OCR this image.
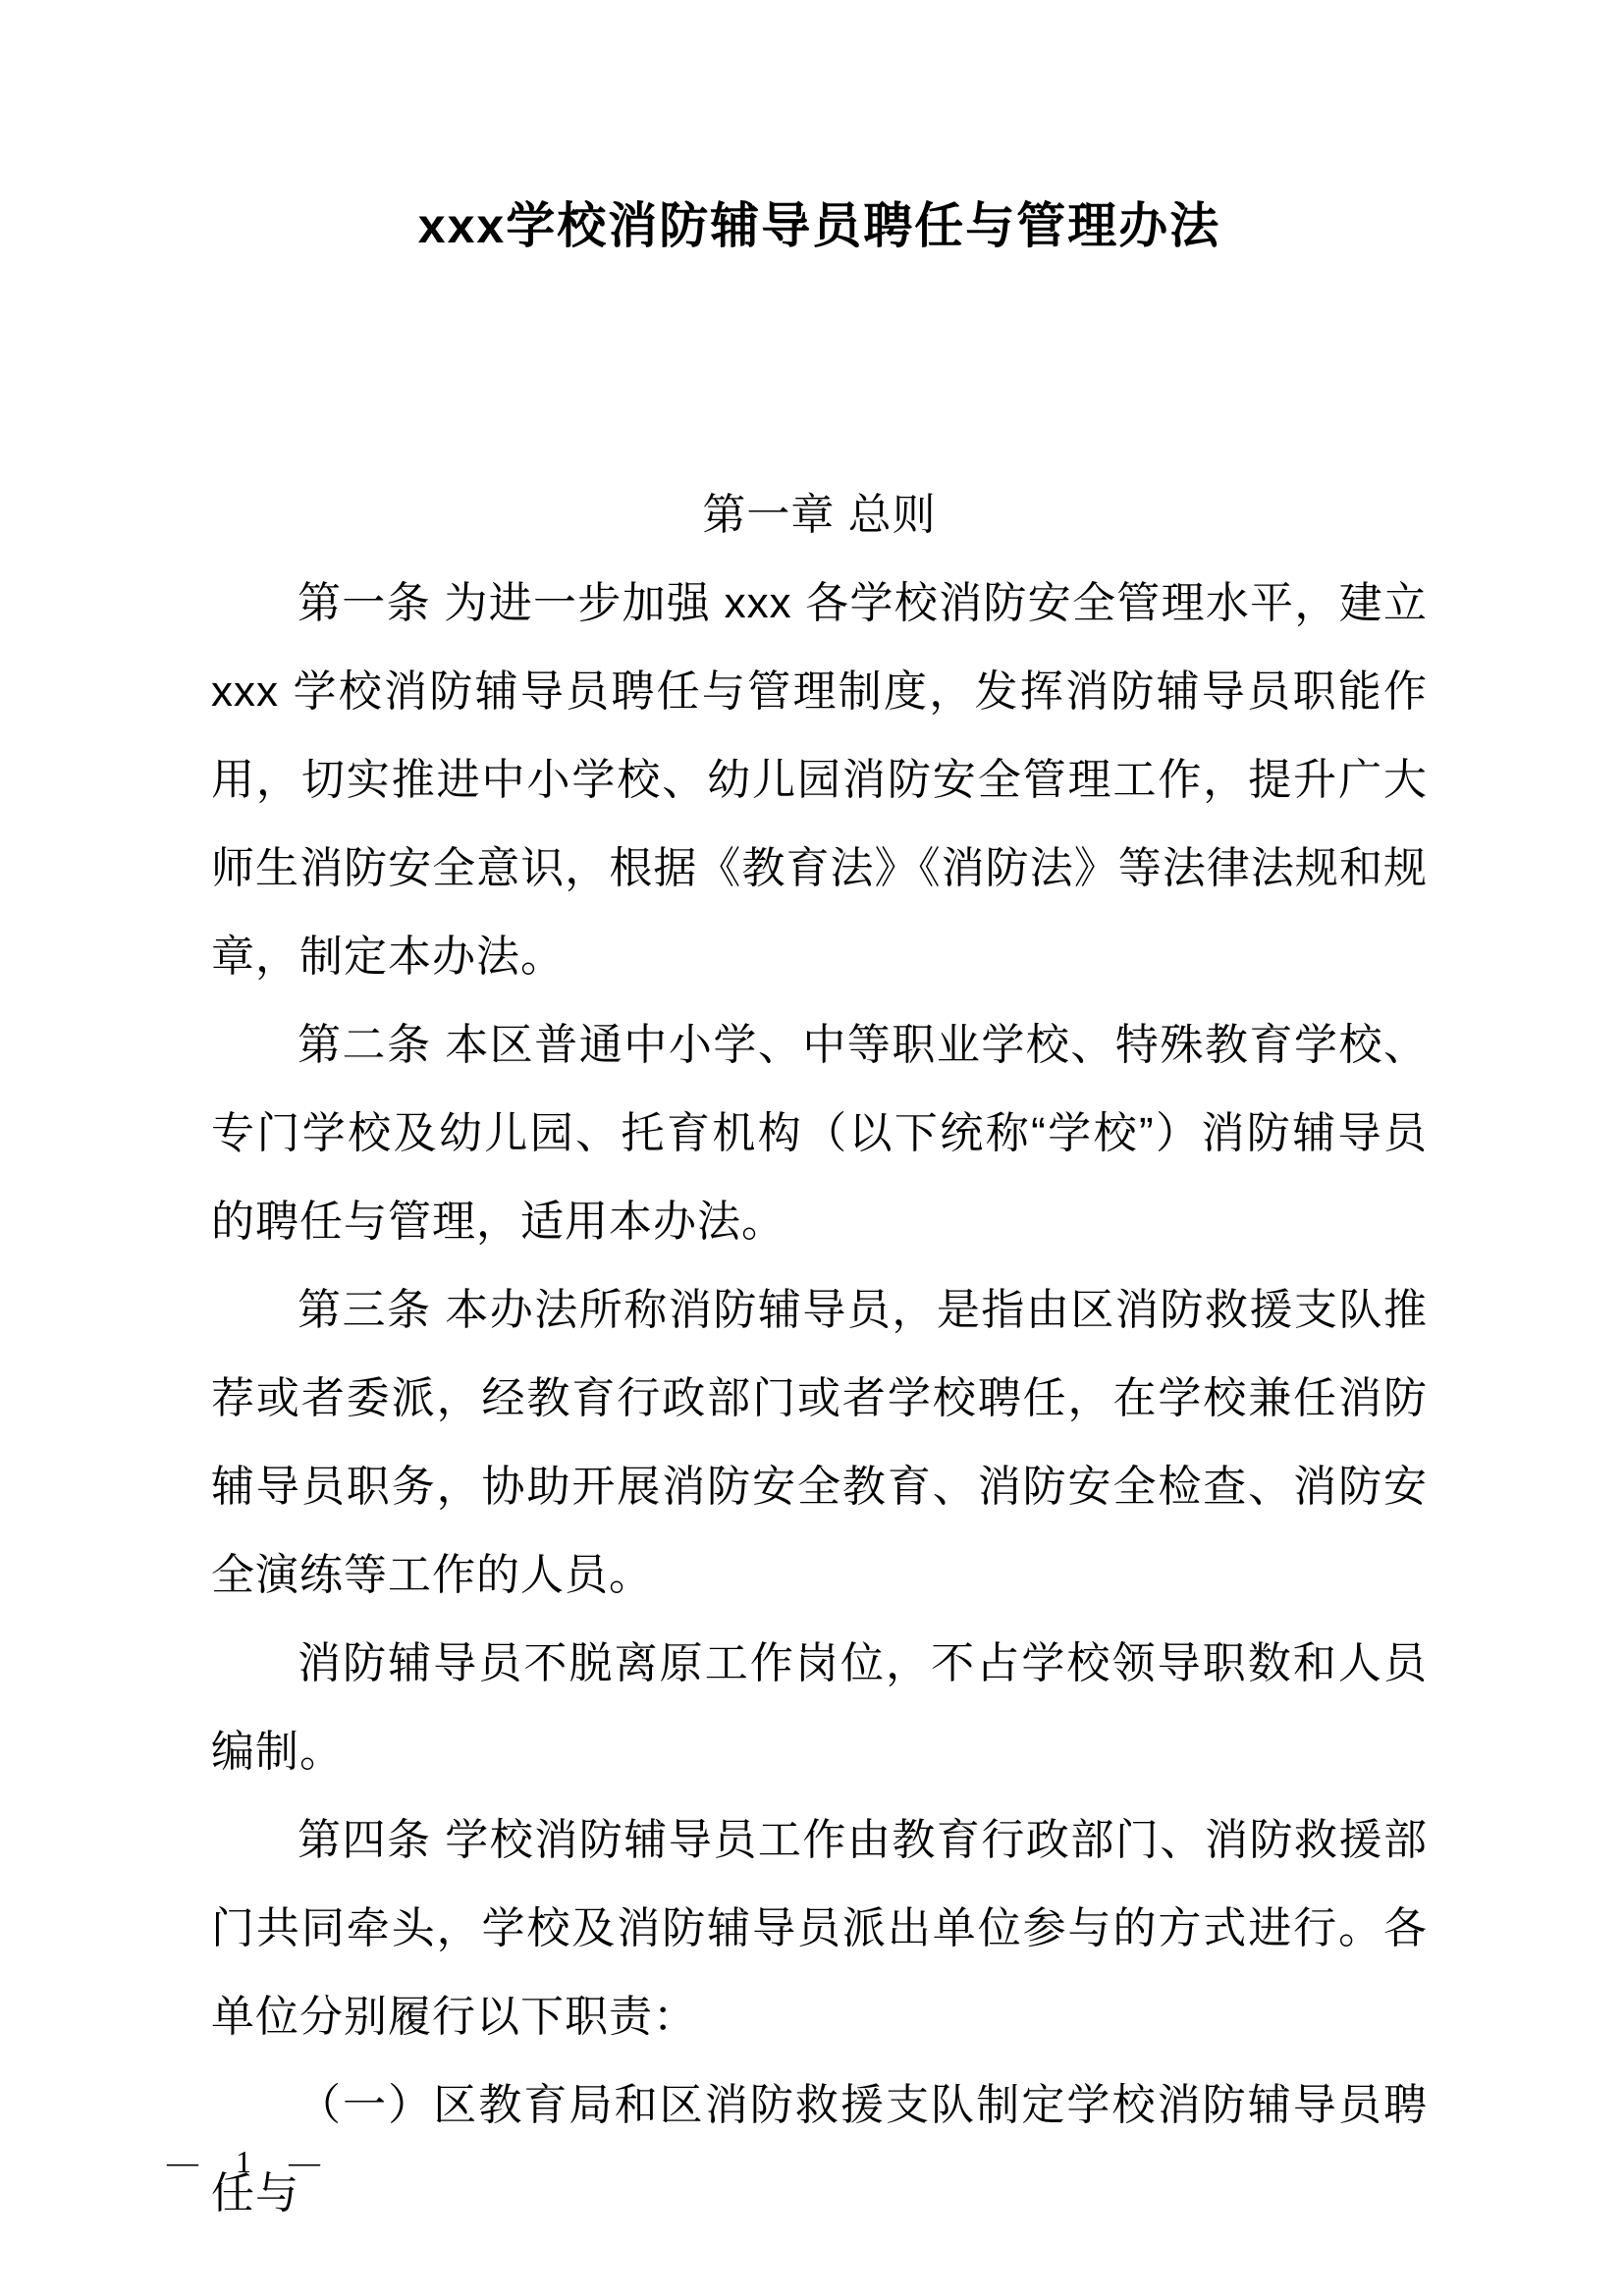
xxx学校消防辅导员聘任与管理办法
第一章 总则

第一条 为进一步加强 xxx 各学校消防安全管理水平，建立 xxx 学校消防辅导员聘任与管理制度，发挥消防辅导员职能作用，切实推进中小学校、幼儿园消防安全管理工作，提升广大师生消防安全意识，根据《教育法》《消防法》等法律法规和规章，制定本办法。

第二条 本区普通中小学、中等职业学校、特殊教育学校、专门学校及幼儿园、托育机构（以下统称“学校”）消防辅导员的聘任与管理，适用本办法。

第三条 本办法所称消防辅导员，是指由区消防救援支队推荐或者委派，经教育行政部门或者学校聘任，在学校兼任消防辅导员职务，协助开展消防安全教育、消防安全检查、消防安全演练等工作的人员。

消防辅导员不脱离原工作岗位，不占学校领导职数和人员编制。

第四条 学校消防辅导员工作由教育行政部门、消防救援部门共同牵头，学校及消防辅导员派出单位参与的方式进行。各单位分别履行以下职责：

（一）区教育局和区消防救援支队制定学校消防辅导员聘任与

— 1 —
